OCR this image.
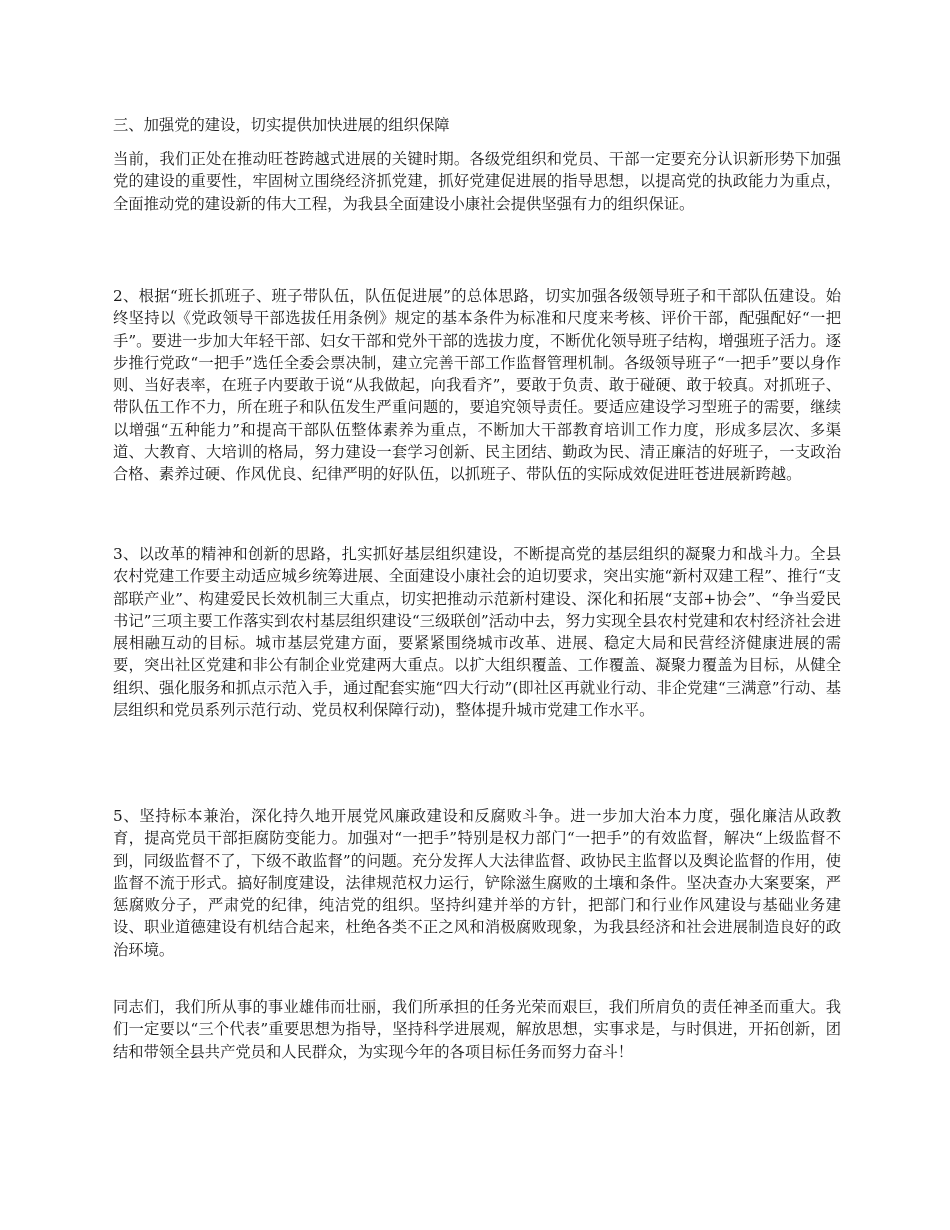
三、加强党的建设，切实提供加快进展的组织保障

当前，我们正处在推动旺苍跨越式进展的关键时期。各级党组织和党员、干部一定要充分认识新形势下加强党的建设的重要性，牢固树立围绕经济抓党建，抓好党建促进展的指导思想，以提高党的执政能力为重点，全面推动党的建设新的伟大工程，为我县全面建设小康社会提供坚强有力的组织保证。

2、根据“班长抓班子、班子带队伍，队伍促进展”的总体思路，切实加强各级领导班子和干部队伍建设。始终坚持以《党政领导干部选拔任用条例》规定的基本条件为标准和尺度来考核、评价干部，配强配好“一把手”。要进一步加大年轻干部、妇女干部和党外干部的选拔力度，不断优化领导班子结构，增强班子活力。逐步推行党政“一把手”选任全委会票决制，建立完善干部工作监督管理机制。各级领导班子“一把手”要以身作则、当好表率，在班子内要敢于说“从我做起，向我看齐”，要敢于负责、敢于碰硬、敢于较真。对抓班子、带队伍工作不力，所在班子和队伍发生严重问题的，要追究领导责任。要适应建设学习型班子的需要，继续以增强“五种能力”和提高干部队伍整体素养为重点，不断加大干部教育培训工作力度，形成多层次、多渠道、大教育、大培训的格局，努力建设一套学习创新、民主团结、勤政为民、清正廉洁的好班子，一支政治合格、素养过硬、作风优良、纪律严明的好队伍，以抓班子、带队伍的实际成效促进旺苍进展新跨越。

3、以改革的精神和创新的思路，扎实抓好基层组织建设，不断提高党的基层组织的凝聚力和战斗力。全县农村党建工作要主动适应城乡统筹进展、全面建设小康社会的迫切要求，突出实施“新村双建工程”、推行“支部联产业”、构建爱民长效机制三大重点，切实把推动示范新村建设、深化和拓展“支部+协会”、“争当爱民书记”三项主要工作落实到农村基层组织建设“三级联创”活动中去，努力实现全县农村党建和农村经济社会进展相融互动的目标。城市基层党建方面，要紧紧围绕城市改革、进展、稳定大局和民营经济健康进展的需要，突出社区党建和非公有制企业党建两大重点。以扩大组织覆盖、工作覆盖、凝聚力覆盖为目标，从健全组织、强化服务和抓点示范入手，通过配套实施“四大行动”(即社区再就业行动、非企党建“三满意”行动、基层组织和党员系列示范行动、党员权利保障行动)，整体提升城市党建工作水平。

5、坚持标本兼治，深化持久地开展党风廉政建设和反腐败斗争。进一步加大治本力度，强化廉洁从政教育，提高党员干部拒腐防变能力。加强对“一把手”特别是权力部门“一把手”的有效监督，解决“上级监督不到，同级监督不了，下级不敢监督”的问题。充分发挥人大法律监督、政协民主监督以及舆论监督的作用，使监督不流于形式。搞好制度建设，法律规范权力运行，铲除滋生腐败的土壤和条件。坚决查办大案要案，严惩腐败分子，严肃党的纪律，纯洁党的组织。坚持纠建并举的方针，把部门和行业作风建设与基础业务建设、职业道德建设有机结合起来，杜绝各类不正之风和消极腐败现象，为我县经济和社会进展制造良好的政治环境。

同志们，我们所从事的事业雄伟而壮丽，我们所承担的任务光荣而艰巨，我们所肩负的责任神圣而重大。我们一定要以“三个代表”重要思想为指导，坚持科学进展观，解放思想，实事求是，与时俱进，开拓创新，团结和带领全县共产党员和人民群众，为实现今年的各项目标任务而努力奋斗！
